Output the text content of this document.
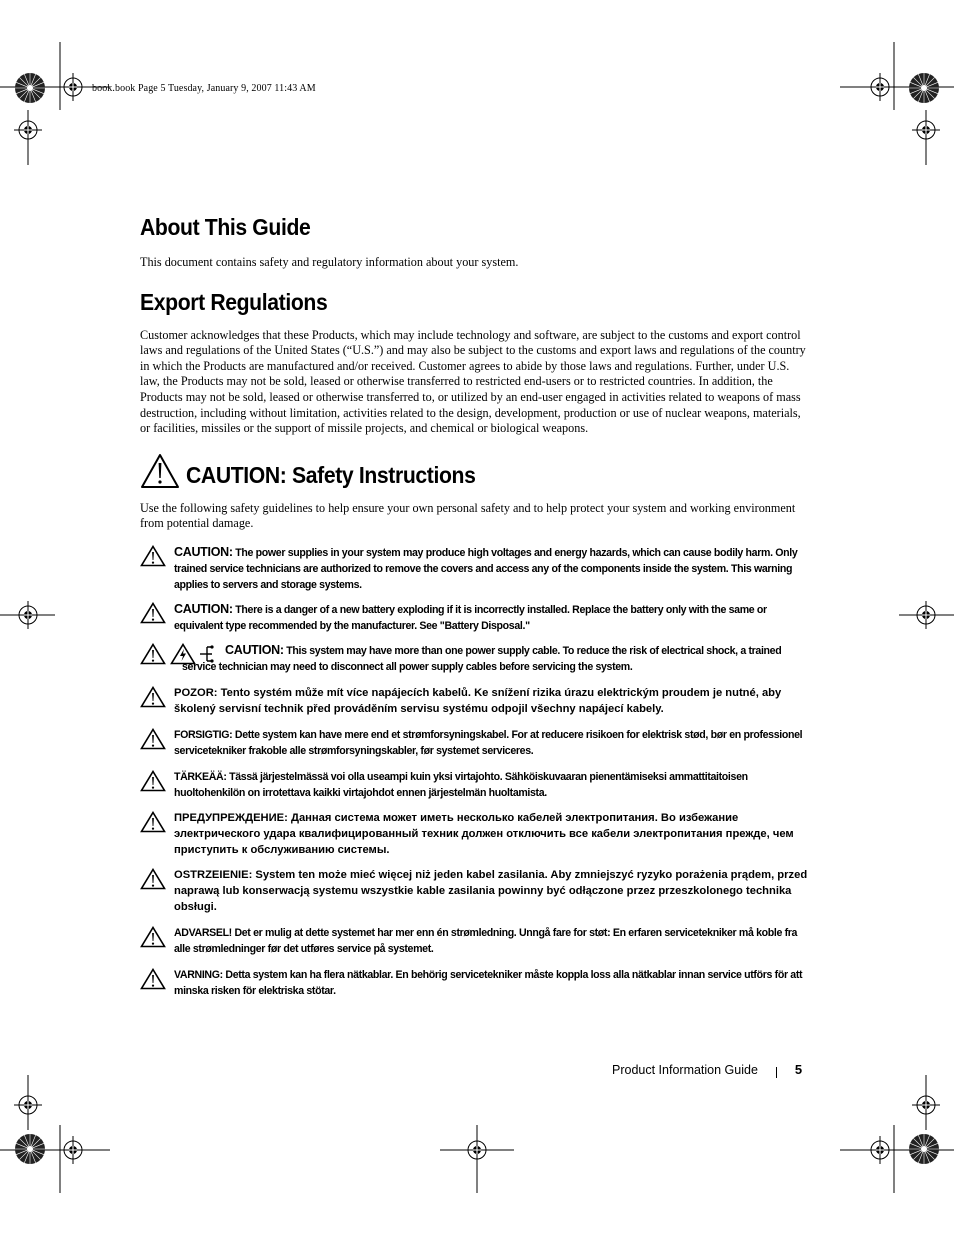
book.book Page 5 Tuesday, January 9, 2007 11:43 AM
About This Guide

This document contains safety and regulatory information about your system.

Export Regulations

Customer acknowledges that these Products, which may include technology and software, are subject to the customs and export control laws and regulations of the United States (“U.S.”) and may also be subject to the customs and export laws and regulations of the country in which the Products are manufactured and/or received. Customer agrees to abide by those laws and regulations. Further, under U.S. law, the Products may not be sold, leased or otherwise transferred to restricted end-users or to restricted countries. In addition, the Products may not be sold, leased or otherwise transferred to, or utilized by an end-user engaged in activities related to weapons of mass destruction, including without limitation, activities related to the design, development, production or use of nuclear weapons, materials, or facilities, missiles or the support of missile projects, and chemical or biological weapons.

CAUTION: Safety Instructions

Use the following safety guidelines to help ensure your own personal safety and to help protect your system and working environment from potential damage.

CAUTION: The power supplies in your system may produce high voltages and energy hazards, which can cause bodily harm. Only trained service technicians are authorized to remove the covers and access any of the components inside the system. This warning applies to servers and storage systems.
CAUTION: There is a danger of a new battery exploding if it is incorrectly installed. Replace the battery only with the same or equivalent type recommended by the manufacturer. See "Battery Disposal."
CAUTION: This system may have more than one power supply cable. To reduce the risk of electrical shock, a trained service technician may need to disconnect all power supply cables before servicing the system.
POZOR: Tento systém může mít více napájecích kabelů. Ke snížení rizika úrazu elektrickým proudem je nutné, aby školený servisní technik před prováděním servisu systému odpojil všechny napájecí kabely.
FORSIGTIG: Dette system kan have mere end et strømforsyningskabel. For at reducere risikoen for elektrisk stød, bør en professionel servicetekniker frakoble alle strømforsyningskabler, før systemet serviceres.
TÄRKEÄÄ: Tässä järjestelmässä voi olla useampi kuin yksi virtajohto. Sähköiskuvaaran pienentämiseksi ammattitaitoisen huoltohenkilön on irrotettava kaikki virtajohdot ennen järjestelmän huoltamista.
ПРЕДУПРЕЖДЕНИЕ: Данная система может иметь несколько кабелей электропитания. Во избежание электрического удара квалифицированный техник должен отключить все кабели электропитания прежде, чем приступить к обслуживанию системы.
OSTRZEIENIE: System ten może mieć więcej niż jeden kabel zasilania. Aby zmniejszyć ryzyko porażenia prądem, przed naprawą lub konserwacją systemu wszystkie kable zasilania powinny być odłączone przez przeszkolonego technika obsługi.
ADVARSEL! Det er mulig at dette systemet har mer enn én strømledning. Unngå fare for støt: En erfaren servicetekniker må koble fra alle strømledninger før det utføres service på systemet.
VARNING: Detta system kan ha flera nätkablar. En behörig servicetekniker måste koppla loss alla nätkablar innan service utförs för att minska risken för elektriska stötar.
Product Information Guide	5
